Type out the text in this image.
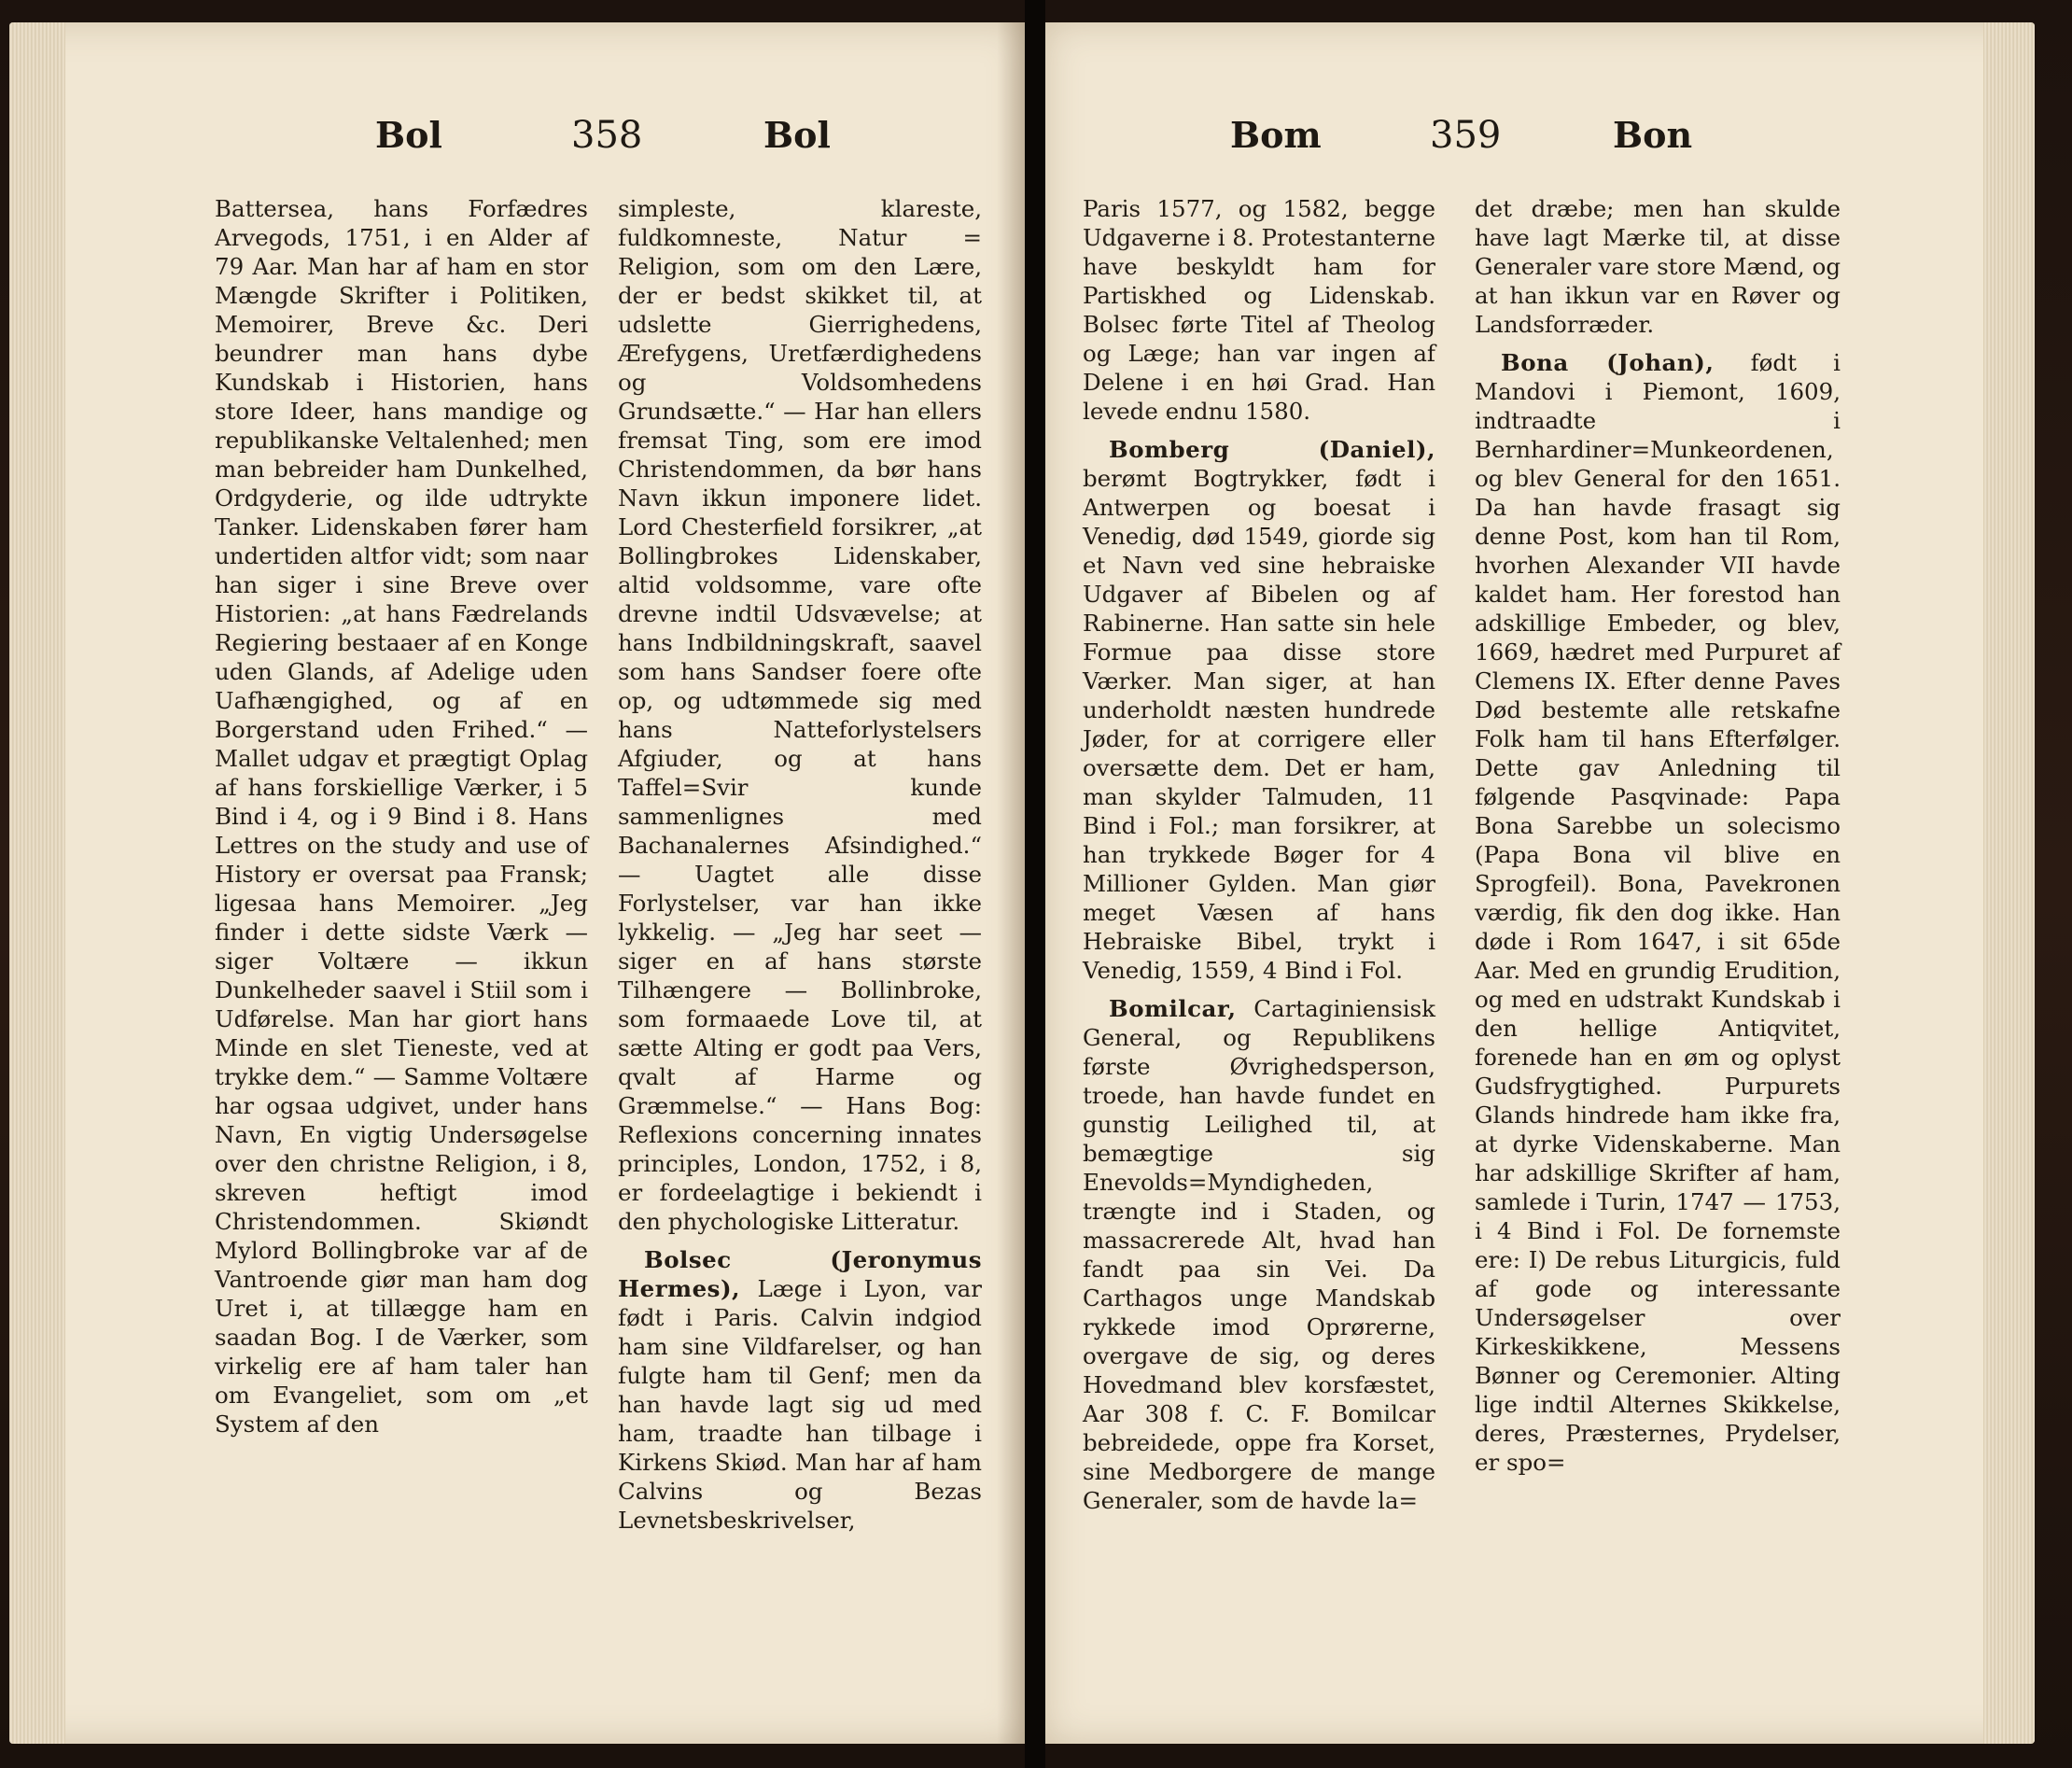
Bol	358	Bol	Bom	359	Bon

Battersea, hans Forfædres Arvegods, 1751, i en Alder af 79 Aar. Man har af ham en stor Mængde Skrifter i Politiken, Memoirer, Breve &c. Deri beundrer man hans dybe Kundskab i Historien, hans store Ideer, hans mandige og republikanske Veltalenhed; men man bebreider ham Dunkelhed, Ordgyderie, og ilde udtrykte Tanker. Lidenskaben fører ham undertiden altfor vidt; som naar han siger i sine Breve over Historien: „at hans Fædrelands Regiering bestaaer af en Konge uden Glands, af Adelige uden Uafhængighed, og af en Borgerstand uden Frihed.“ — Mallet udgav et prægtigt Oplag af hans forskiellige Værker, i 5 Bind i 4, og i 9 Bind i 8. Hans Lettres on the study and use of History er oversat paa Fransk; ligesaa hans Memoirer. „Jeg finder i dette sidste Værk — siger Voltære — ikkun Dunkelheder saavel i Stiil som i Udførelse. Man har giort hans Minde en slet Tieneste, ved at trykke dem.“ — Samme Voltære har ogsaa udgivet, under hans Navn, En vigtig Undersøgelse over den christne Religion, i 8, skreven heftigt imod Christendommen. Skiøndt Mylord Bollingbroke var af de Vantroende giør man ham dog Uret i, at tillægge ham en saadan Bog. I de Værker, som virkelig ere af ham taler han om Evangeliet, som om „et System af den

simpleste, klareste, fuldkomneste, Natur = Religion, som om den Lære, der er bedst skikket til, at udslette Gierrighedens, Ærefygens, Uretfærdighedens og Voldsomhedens Grundsætte.“ — Har han ellers fremsat Ting, som ere imod Christendommen, da bør hans Navn ikkun imponere lidet. Lord Chesterfield forsikrer, „at Bollingbrokes Lidenskaber, altid voldsomme, vare ofte drevne indtil Udsvævelse; at hans Indbildningskraft, saavel som hans Sandser foere ofte op, og udtømmede sig med hans Natteforlystelsers Afgiuder, og at hans Taffel=Svir kunde sammenlignes med Bachanalernes Afsindighed.“ — Uagtet alle disse Forlystelser, var han ikke lykkelig. — „Jeg har seet — siger en af hans største Tilhængere — Bollinbroke, som formaaede Love til, at sætte Alting er godt paa Vers, qvalt af Harme og Græmmelse.“ — Hans Bog: Reflexions concerning innates principles, London, 1752, i 8, er fordeelagtige i bekiendt i den phychologiske Litteratur.

Bolsec (Jeronymus Hermes), Læge i Lyon, var født i Paris. Calvin indgiod ham sine Vildfarelser, og han fulgte ham til Genf; men da han havde lagt sig ud med ham, traadte han tilbage i Kirkens Skiød. Man har af ham Calvins og Bezas Levnetsbeskrivelser,

Paris 1577, og 1582, begge Udgaverne i 8. Protestanterne have beskyldt ham for Partiskhed og Lidenskab. Bolsec førte Titel af Theolog og Læge; han var ingen af Delene i en høi Grad. Han levede endnu 1580.

Bomberg (Daniel), berømt Bogtrykker, født i Antwerpen og boesat i Venedig, død 1549, giorde sig et Navn ved sine hebraiske Udgaver af Bibelen og af Rabinerne. Han satte sin hele Formue paa disse store Værker. Man siger, at han underholdt næsten hundrede Jøder, for at corrigere eller oversætte dem. Det er ham, man skylder Talmuden, 11 Bind i Fol.; man forsikrer, at han trykkede Bøger for 4 Millioner Gylden. Man giør meget Væsen af hans Hebraiske Bibel, trykt i Venedig, 1559, 4 Bind i Fol.

Bomilcar, Cartaginiensisk General, og Republikens første Øvrighedsperson, troede, han havde fundet en gunstig Leilighed til, at bemægtige sig Enevolds=Myndigheden, trængte ind i Staden, og massacrerede Alt, hvad han fandt paa sin Vei. Da Carthagos unge Mandskab rykkede imod Oprørerne, overgave de sig, og deres Hovedmand blev korsfæstet, Aar 308 f. C. F. Bomilcar bebreidede, oppe fra Korset, sine Medborgere de mange Generaler, som de havde la=

det dræbe; men han skulde have lagt Mærke til, at disse Generaler vare store Mænd, og at han ikkun var en Røver og Landsforræder.

Bona (Johan), født i Mandovi i Piemont, 1609, indtraadte i Bernhardiner=Munkeordenen, og blev General for den 1651. Da han havde frasagt sig denne Post, kom han til Rom, hvorhen Alexander VII havde kaldet ham. Her forestod han adskillige Embeder, og blev, 1669, hædret med Purpuret af Clemens IX. Efter denne Paves Død bestemte alle retskafne Folk ham til hans Efterfølger. Dette gav Anledning til følgende Pasqvinade: Papa Bona Sarebbe un solecismo (Papa Bona vil blive en Sprogfeil). Bona, Pavekronen værdig, fik den dog ikke. Han døde i Rom 1647, i sit 65de Aar. Med en grundig Erudition, og med en udstrakt Kundskab i den hellige Antiqvitet, forenede han en øm og oplyst Gudsfrygtighed. Purpurets Glands hindrede ham ikke fra, at dyrke Videnskaberne. Man har adskillige Skrifter af ham, samlede i Turin, 1747 — 1753, i 4 Bind i Fol. De fornemste ere: I) De rebus Liturgicis, fuld af gode og interessante Undersøgelser over Kirkeskikkene, Messens Bønner og Ceremonier. Alting lige indtil Alternes Skikkelse, deres, Præsternes, Prydelser, er spo=
